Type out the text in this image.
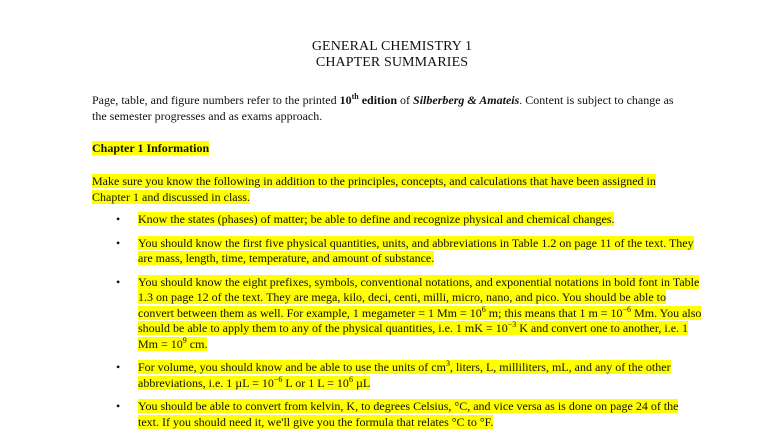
GENERAL CHEMISTRY 1
CHAPTER SUMMARIES
Page, table, and figure numbers refer to the printed 10th edition of Silberberg & Amateis. Content is subject to change as the semester progresses and as exams approach.
Chapter 1 Information
Make sure you know the following in addition to the principles, concepts, and calculations that have been assigned in Chapter 1 and discussed in class.
• Know the states (phases) of matter; be able to define and recognize physical and chemical changes.
• You should know the first five physical quantities, units, and abbreviations in Table 1.2 on page 11 of the text. They are mass, length, time, temperature, and amount of substance.
• You should know the eight prefixes, symbols, conventional notations, and exponential notations in bold font in Table 1.3 on page 12 of the text. They are mega, kilo, deci, centi, milli, micro, nano, and pico. You should be able to convert between them as well. For example, 1 megameter = 1 $Mm = 10^6$ m; this means that 1 $m = 10^{-6}$ Mm. You also should be able to apply them to any of the physical quantities, i.e. 1 mK = $10^{-3}$ K and convert one to another, i.e. 1 $Mm = 10^9$ cm.
• For volume, you should know and be able to use the units of $cm^3$, liters, L, milliliters, mL, and any of the other abbreviations, i.e. 1 $\mu L = 10^{-6}$ L or 1 $L = 10^6$ µL
• You should be able to convert from kelvin, K, to degrees Celsius, °C, and vice versa as is done on page 24 of the text. If you should need it, we'll give you the formula that relates °C to °F.
